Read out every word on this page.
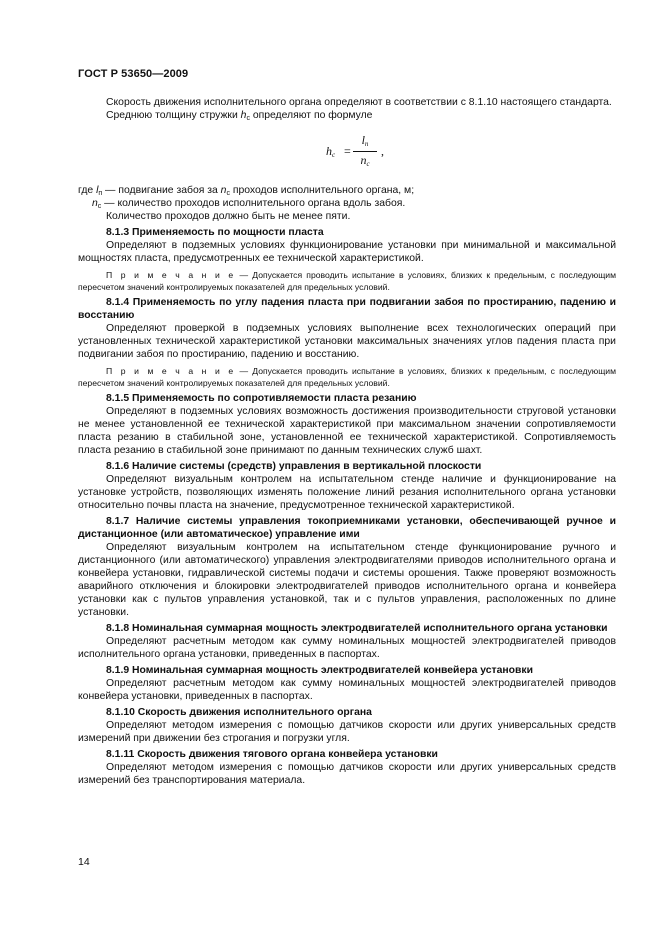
ГОСТ Р 53650—2009

Скорость движения исполнительного органа определяют в соответствии с 8.1.10 настоящего стандарта.

Среднюю толщину стружки $h_с$ определяют по формуле

$h_с$ =
$l_п$
$n_с$
,

где $l_п$ — подвигание забоя за $n_с$ проходов исполнительного органа, м;

$n_с$ — количество проходов исполнительного органа вдоль забоя.

Количество проходов должно быть не менее пяти.

8.1.3 Применяемость по мощности пласта

Определяют в подземных условиях функционирование установки при минимальной и максимальной мощностях пласта, предусмотренных ее технической характеристикой.

П р и м е ч а н и е — Допускается проводить испытание в условиях, близких к предельным, с последующим пересчетом значений контролируемых показателей для предельных условий.

8.1.4 Применяемость по углу падения пласта при подвигании забоя по простиранию, падению и восстанию

Определяют проверкой в подземных условиях выполнение всех технологических операций при установленных технической характеристикой установки максимальных значениях углов падения пласта при подвигании забоя по простиранию, падению и восстанию.

П р и м е ч а н и е — Допускается проводить испытание в условиях, близких к предельным, с последующим пересчетом значений контролируемых показателей для предельных условий.

8.1.5 Применяемость по сопротивляемости пласта резанию

Определяют в подземных условиях возможность достижения производительности струговой установки не менее установленной ее технической характеристикой при максимальном значении сопротивляемости пласта резанию в стабильной зоне, установленной ее технической характеристикой. Сопротивляемость пласта резанию в стабильной зоне принимают по данным технических служб шахт.

8.1.6 Наличие системы (средств) управления в вертикальной плоскости

Определяют визуальным контролем на испытательном стенде наличие и функционирование на установке устройств, позволяющих изменять положение линий резания исполнительного органа установки относительно почвы пласта на значение, предусмотренное технической характеристикой.

8.1.7 Наличие системы управления токоприемниками установки, обеспечивающей ручное и дистанционное (или автоматическое) управление ими

Определяют визуальным контролем на испытательном стенде функционирование ручного и дистанционного (или автоматического) управления электродвигателями приводов исполнительного органа и конвейера установки, гидравлической системы подачи и системы орошения. Также проверяют возможность аварийного отключения и блокировки электродвигателей приводов исполнительного органа и конвейера установки как с пультов управления установкой, так и с пультов управления, расположенных по длине установки.

8.1.8 Номинальная суммарная мощность электродвигателей исполнительного органа установки

Определяют расчетным методом как сумму номинальных мощностей электродвигателей приводов исполнительного органа установки, приведенных в паспортах.

8.1.9 Номинальная суммарная мощность электродвигателей конвейера установки

Определяют расчетным методом как сумму номинальных мощностей электродвигателей приводов конвейера установки, приведенных в паспортах.

8.1.10 Скорость движения исполнительного органа

Определяют методом измерения с помощью датчиков скорости или других универсальных средств измерений при движении без строгания и погрузки угля.

8.1.11 Скорость движения тягового органа конвейера установки

Определяют методом измерения с помощью датчиков скорости или других универсальных средств измерений без транспортирования материала.

14
